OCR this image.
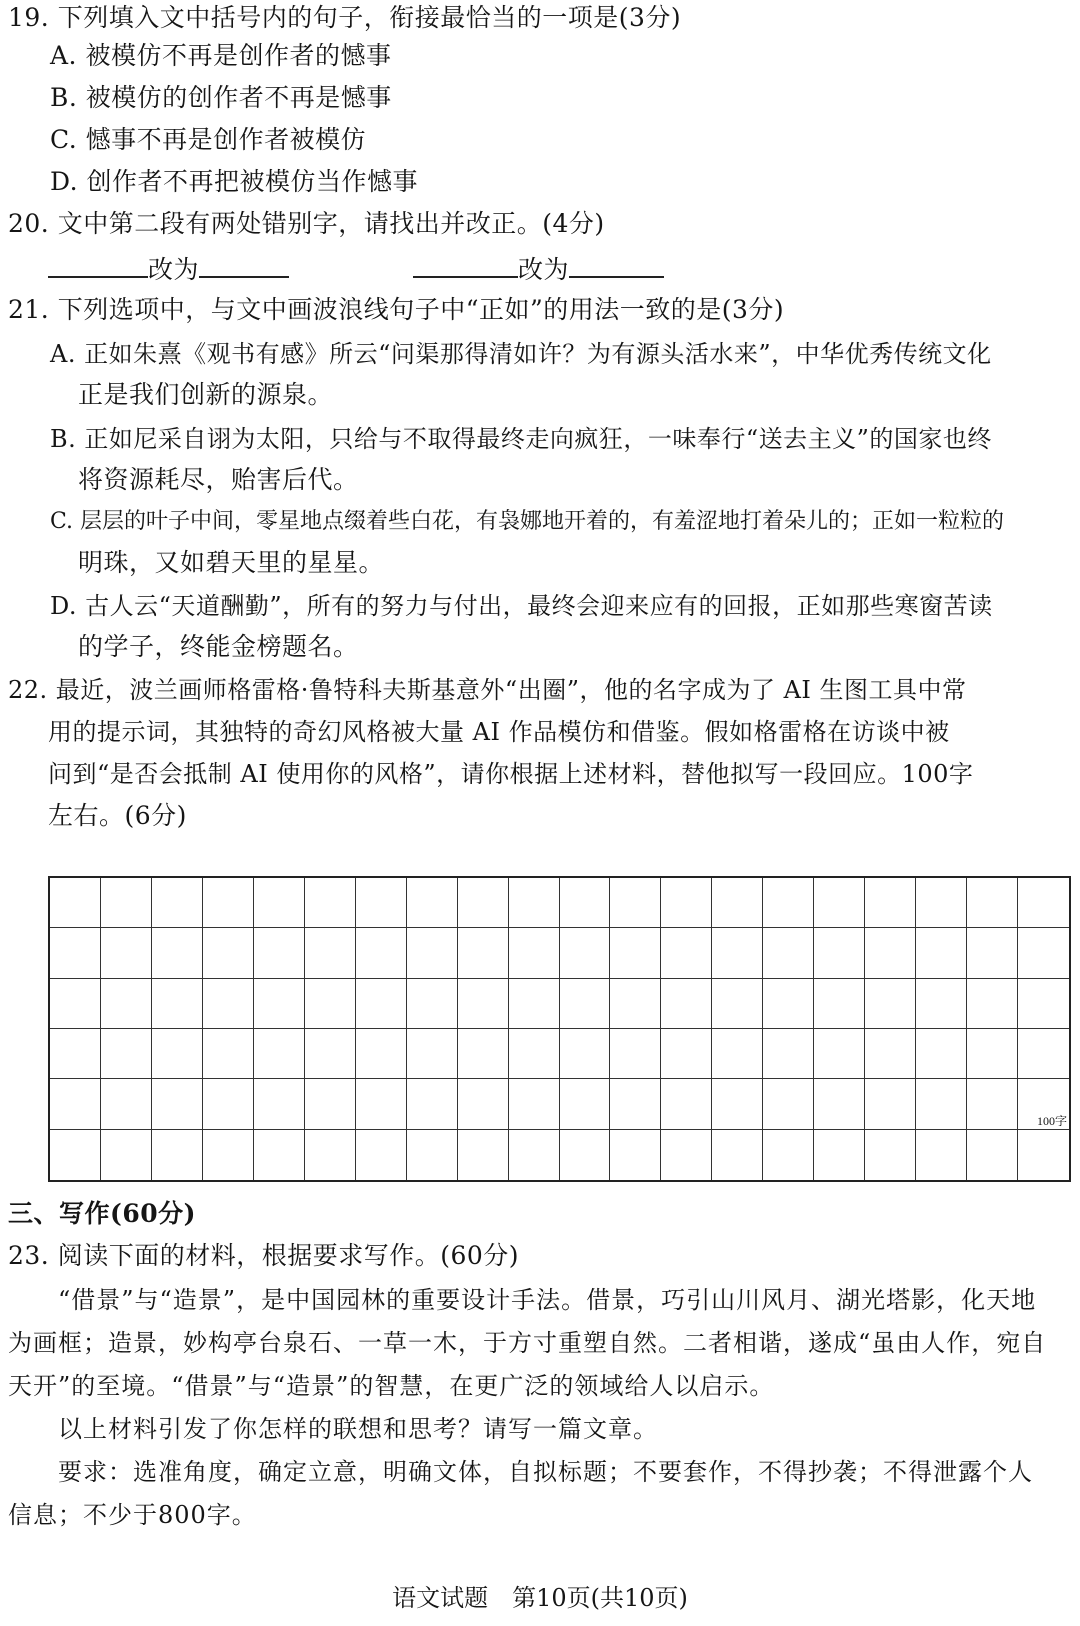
19. 下列填入文中括号内的句子，衔接最恰当的一项是(3分)
A. 被模仿不再是创作者的憾事
B. 被模仿的创作者不再是憾事
C. 憾事不再是创作者被模仿
D. 创作者不再把被模仿当作憾事
20. 文中第二段有两处错别字，请找出并改正。(4分)
改为	改为
21. 下列选项中，与文中画波浪线句子中“正如”的用法一致的是(3分)
A. 正如朱熹《观书有感》所云“问渠那得清如许？为有源头活水来”，中华优秀传统文化
正是我们创新的源泉。
B. 正如尼采自诩为太阳，只给与不取得最终走向疯狂，一味奉行“送去主义”的国家也终
将资源耗尽，贻害后代。
C. 层层的叶子中间，零星地点缀着些白花，有袅娜地开着的，有羞涩地打着朵儿的；正如一粒粒的
明珠，又如碧天里的星星。
D. 古人云“天道酬勤”，所有的努力与付出，最终会迎来应有的回报，正如那些寒窗苦读
的学子，终能金榜题名。
22. 最近，波兰画师格雷格·鲁特科夫斯基意外“出圈”，他的名字成为了 AI 生图工具中常
用的提示词，其独特的奇幻风格被大量 AI 作品模仿和借鉴。假如格雷格在访谈中被
问到“是否会抵制 AI 使用你的风格”，请你根据上述材料，替他拟写一段回应。100字
左右。(6分)
100字
三、写作(60分)
23. 阅读下面的材料，根据要求写作。(60分)

“借景”与“造景”，是中国园林的重要设计手法。借景，巧引山川风月、湖光塔影，化天地为画框；造景，妙构亭台泉石、一草一木，于方寸重塑自然。二者相谐，遂成“虽由人作，宛自天开”的至境。“借景”与“造景”的智慧，在更广泛的领域给人以启示。

以上材料引发了你怎样的联想和思考？请写一篇文章。

要求：选准角度，确定立意，明确文体，自拟标题；不要套作，不得抄袭；不得泄露个人信息；不少于800字。

语文试题　第10页(共10页)
